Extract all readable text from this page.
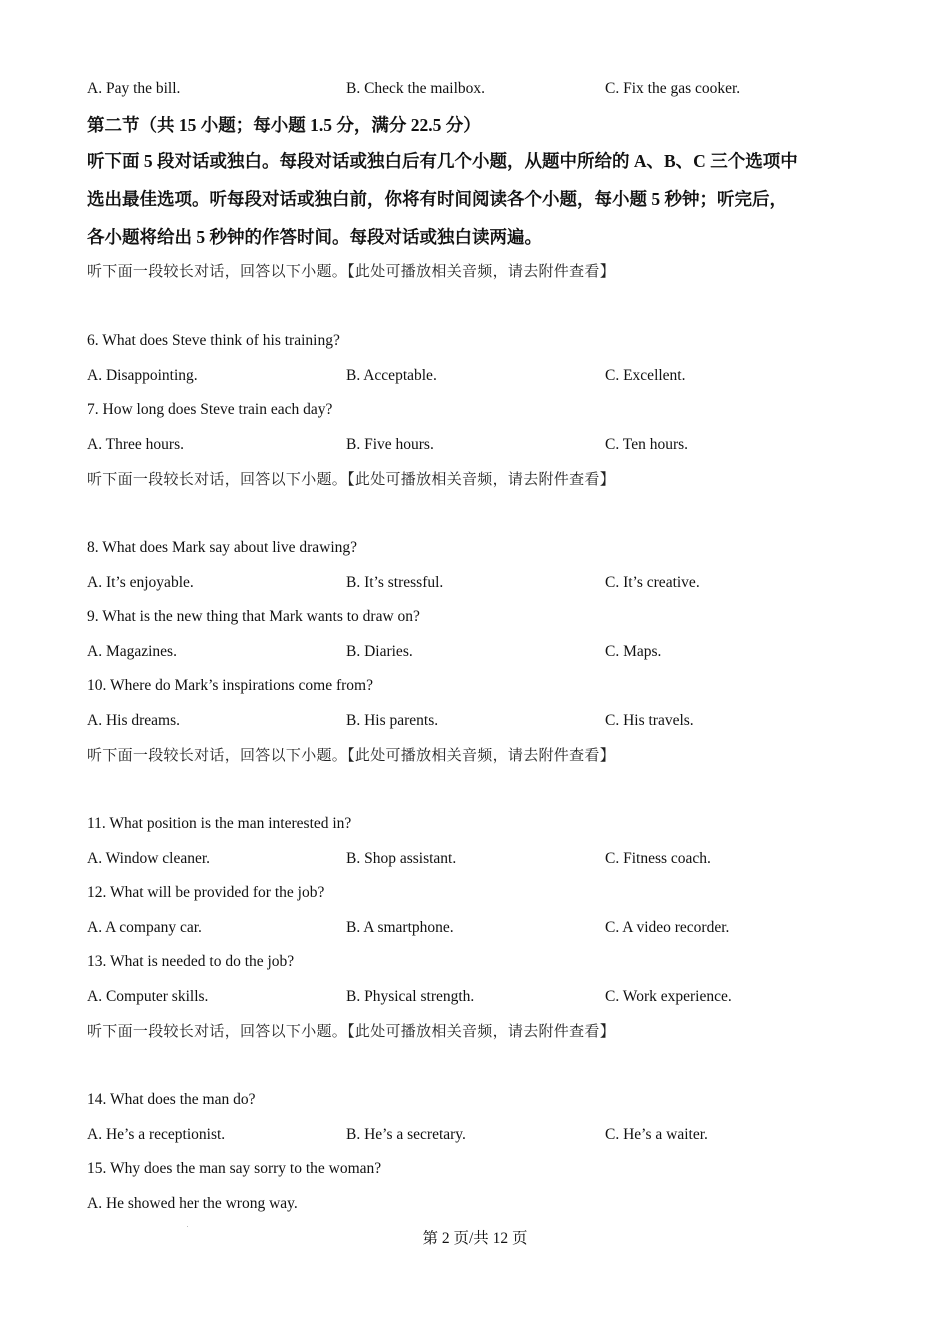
A. Pay the bill.	B. Check the mailbox.	C. Fix the gas cooker.
第二节（共 15 小题；每小题 1.5 分，满分 22.5 分）
听下面 5 段对话或独白。每段对话或独白后有几个小题，从题中所给的 A、B、C 三个选项中
选出最佳选项。听每段对话或独白前，你将有时间阅读各个小题，每小题 5 秒钟；听完后，
各小题将给出 5 秒钟的作答时间。每段对话或独白读两遍。
听下面一段较长对话，回答以下小题。【此处可播放相关音频，请去附件查看】
6. What does Steve think of his training?
A. Disappointing.	B. Acceptable.	C. Excellent.
7. How long does Steve train each day?
A. Three hours.	B. Five hours.	C. Ten hours.
听下面一段较长对话，回答以下小题。【此处可播放相关音频，请去附件查看】
8. What does Mark say about live drawing?
A. It’s enjoyable.	B. It’s stressful.	C. It’s creative.
9. What is the new thing that Mark wants to draw on?
A. Magazines.	B. Diaries.	C. Maps.
10. Where do Mark’s inspirations come from?
A. His dreams.	B. His parents.	C. His travels.
听下面一段较长对话，回答以下小题。【此处可播放相关音频，请去附件查看】
11. What position is the man interested in?
A. Window cleaner.	B. Shop assistant.	C. Fitness coach.
12. What will be provided for the job?
A. A company car.	B. A smartphone.	C. A video recorder.
13. What is needed to do the job?
A. Computer skills.	B. Physical strength.	C. Work experience.
听下面一段较长对话，回答以下小题。【此处可播放相关音频，请去附件查看】
14. What does the man do?
A. He’s a receptionist.	B. He’s a secretary.	C. He’s a waiter.
15. Why does the man say sorry to the woman?
A. He showed her the wrong way.
第 2 页/共 12 页
